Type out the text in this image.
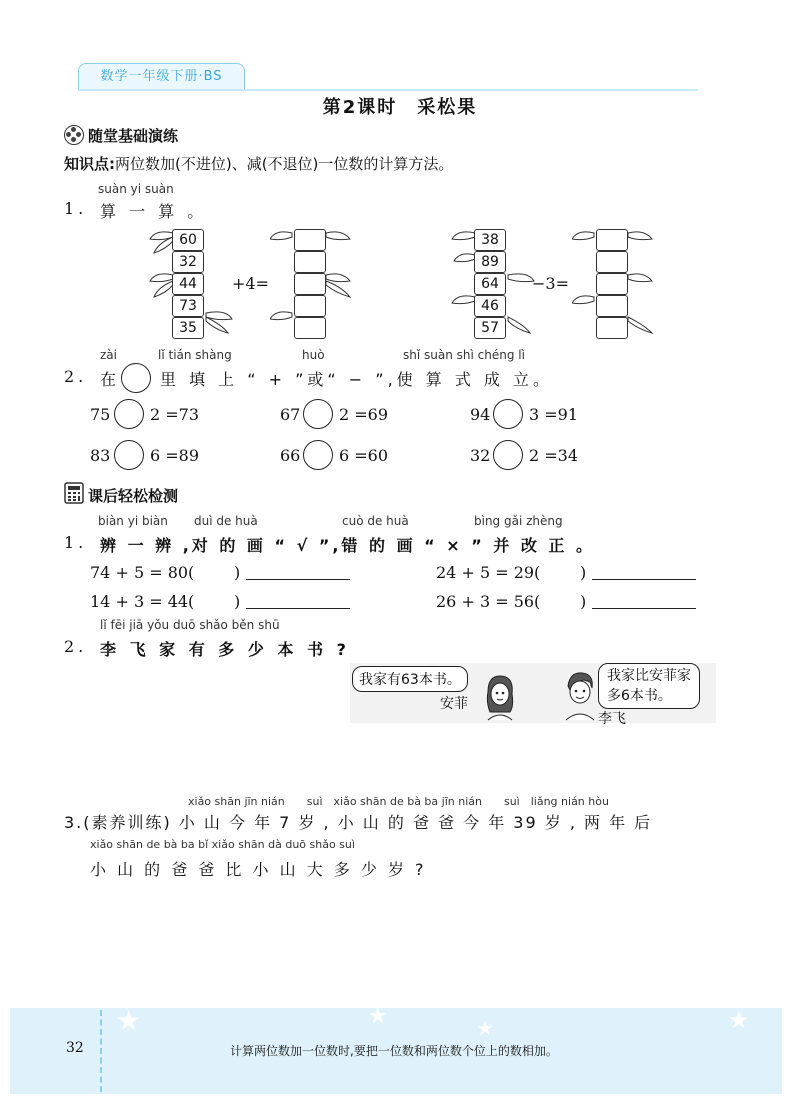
数学一年级下册·BS
第2课时　采松果
随堂基础演练
知识点:两位数加(不进位)、减(不退位)一位数的计算方法。
suàn yi suàn
1. 算 一 算 。
60
32
44
73
35
+4=
38
89
64
46
57
−3=
zài	lǐ tián shàng	huò	shǐ suàn shì chéng lì
2. 在　　里 填 上 “ + ”或“ − ”,使 算 式 成 立。
75 2 =73	67 2 =69	94 3 =91
83 6 =89	66 6 =60	32 2 =34
课后轻松检测
biàn yi biàn duì de huà	cuò de huà	bìng gǎi zhèng
1. 辨 一 辨 ,对 的 画 “ √ ”,错 的 画 “ × ” 并 改 正 。
74 + 5 = 80( )	24 + 5 = 29( )
14 + 3 = 44( )	26 + 3 = 56( )
lǐ fēi jiā yǒu duō shǎo běn shū
2. 李 飞 家 有 多 少 本 书 ?
我家有63本书。
安菲
我家比安菲家
多6本书。
李飞
xiǎo shān jīn nián　　suì　xiǎo shān de bà ba jīn nián　　suì　liǎng nián hòu
3.(素养训练) 小 山 今 年 7 岁 , 小 山 的 爸 爸 今 年 39 岁 , 两 年 后
xiǎo shān de bà ba bǐ xiǎo shān dà duō shǎo suì
小 山 的 爸 爸 比 小 山 大 多 少 岁 ?
★	★	★	★
32	计算两位数加一位数时,要把一位数和两位数个位上的数相加。
